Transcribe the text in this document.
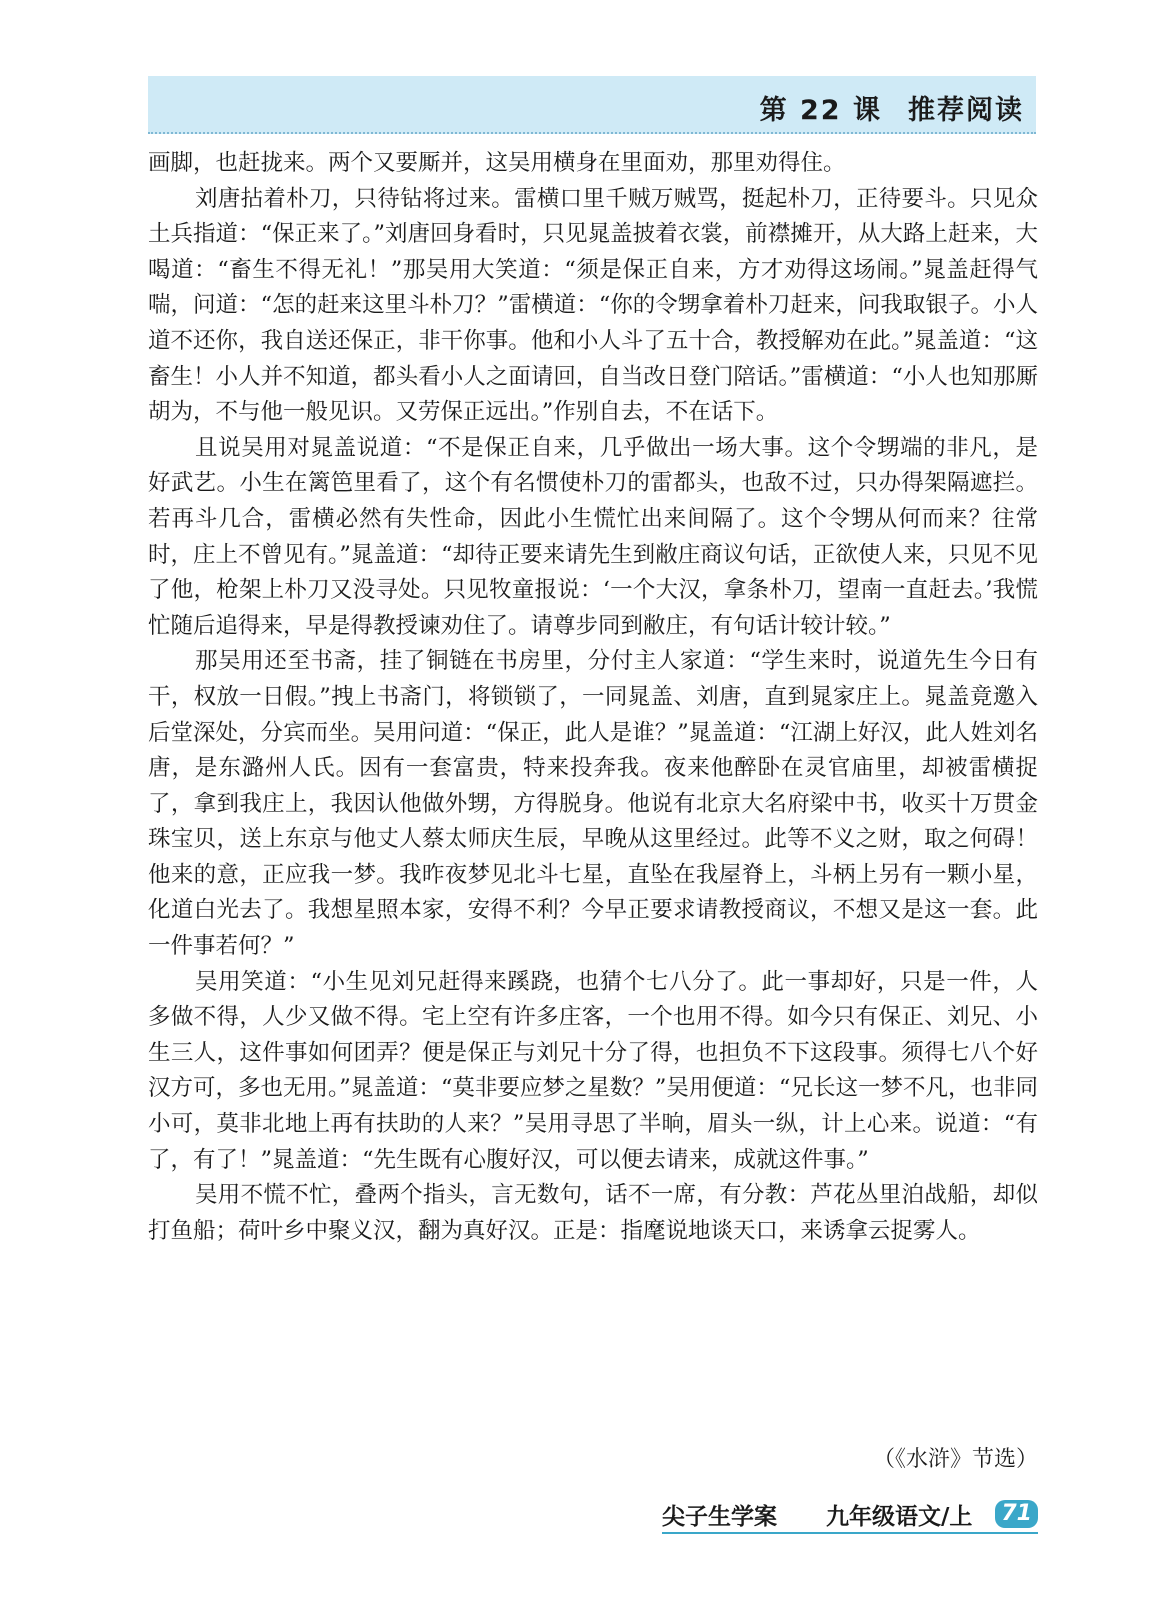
第 22 课 推荐阅读

画脚，也赶拢来。两个又要厮并，这吴用横身在里面劝，那里劝得住。

刘唐拈着朴刀，只待钻将过来。雷横口里千贼万贼骂，挺起朴刀，正待要斗。只见众土兵指道：“保正来了。”刘唐回身看时，只见晁盖披着衣裳，前襟摊开，从大路上赶来，大喝道：“畜生不得无礼！”那吴用大笑道：“须是保正自来，方才劝得这场闹。”晁盖赶得气喘，问道：“怎的赶来这里斗朴刀？”雷横道：“你的令甥拿着朴刀赶来，问我取银子。小人道不还你，我自送还保正，非干你事。他和小人斗了五十合，教授解劝在此。”晁盖道：“这畜生！小人并不知道，都头看小人之面请回，自当改日登门陪话。”雷横道：“小人也知那厮胡为，不与他一般见识。又劳保正远出。”作别自去，不在话下。

且说吴用对晁盖说道：“不是保正自来，几乎做出一场大事。这个令甥端的非凡，是好武艺。小生在篱笆里看了，这个有名惯使朴刀的雷都头，也敌不过，只办得架隔遮拦。若再斗几合，雷横必然有失性命，因此小生慌忙出来间隔了。这个令甥从何而来？往常时，庄上不曾见有。”晁盖道：“却待正要来请先生到敝庄商议句话，正欲使人来，只见不见了他，枪架上朴刀又没寻处。只见牧童报说：‘一个大汉，拿条朴刀，望南一直赶去。’我慌忙随后追得来，早是得教授谏劝住了。请尊步同到敝庄，有句话计较计较。”

那吴用还至书斋，挂了铜链在书房里，分付主人家道：“学生来时，说道先生今日有干，权放一日假。”拽上书斋门，将锁锁了，一同晁盖、刘唐，直到晁家庄上。晁盖竟邀入后堂深处，分宾而坐。吴用问道：“保正，此人是谁？”晁盖道：“江湖上好汉，此人姓刘名唐，是东潞州人氏。因有一套富贵，特来投奔我。夜来他醉卧在灵官庙里，却被雷横捉了，拿到我庄上，我因认他做外甥，方得脱身。他说有北京大名府梁中书，收买十万贯金珠宝贝，送上东京与他丈人蔡太师庆生辰，早晚从这里经过。此等不义之财，取之何碍！他来的意，正应我一梦。我昨夜梦见北斗七星，直坠在我屋脊上，斗柄上另有一颗小星，化道白光去了。我想星照本家，安得不利？今早正要求请教授商议，不想又是这一套。此一件事若何？”

吴用笑道：“小生见刘兄赶得来蹊跷，也猜个七八分了。此一事却好，只是一件，人多做不得，人少又做不得。宅上空有许多庄客，一个也用不得。如今只有保正、刘兄、小生三人，这件事如何团弄？便是保正与刘兄十分了得，也担负不下这段事。须得七八个好汉方可，多也无用。”晁盖道：“莫非要应梦之星数？”吴用便道：“兄长这一梦不凡，也非同小可，莫非北地上再有扶助的人来？”吴用寻思了半晌，眉头一纵，计上心来。说道：“有了，有了！”晁盖道：“先生既有心腹好汉，可以便去请来，成就这件事。”

吴用不慌不忙，叠两个指头，言无数句，话不一席，有分教：芦花丛里泊战船，却似打鱼船；荷叶乡中聚义汉，翻为真好汉。正是：指麾说地谈天口，来诱拿云捉雾人。

（《水浒》节选）
尖子生学案 九年级语文/上 71
